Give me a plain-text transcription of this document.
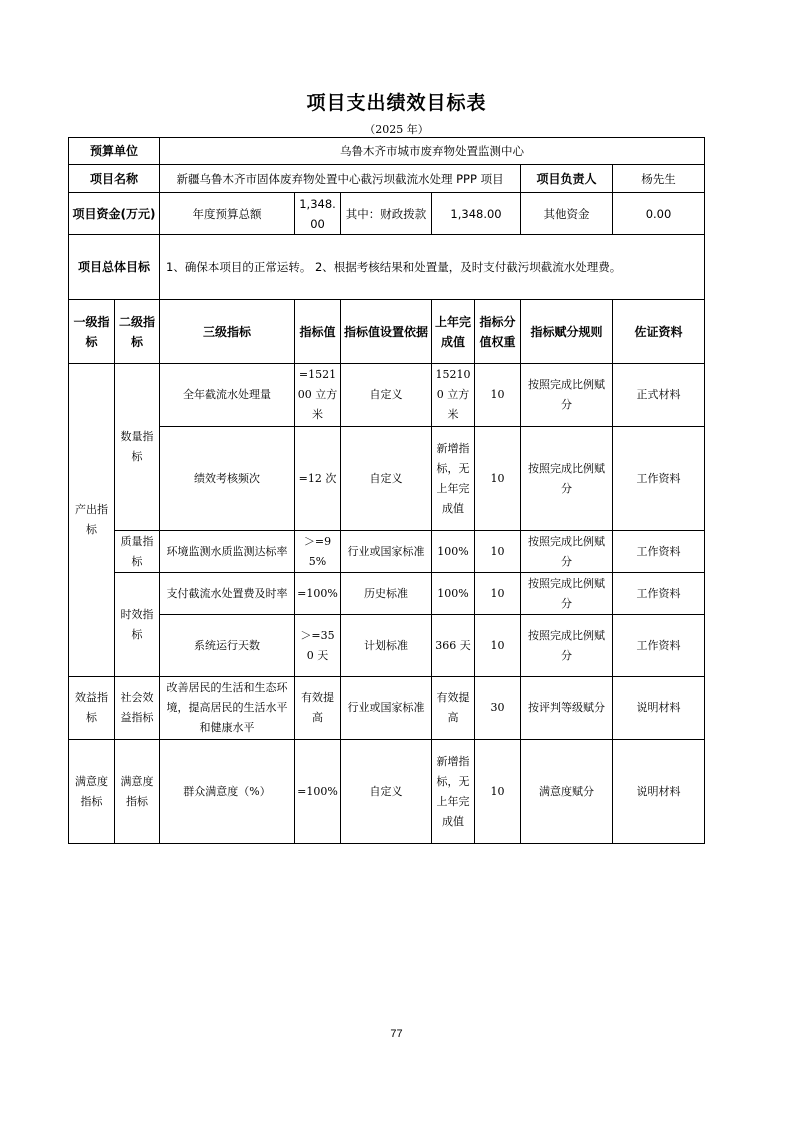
项目支出绩效目标表
（2025 年）
预算单位		乌鲁木齐市城市废弃物处置监测中心						
项目名称		新疆乌鲁木齐市固体废弃物处置中心截污坝截流水处理 PPP 项目					项目负责人	杨先生
项目资金(万元)		年度预算总额	1,348.00	其中：财政拨款	1,348.00		其他资金	0.00
项目总体目标		1、确保本项目的正常运转。 2、根据考核结果和处置量，及时支付截污坝截流水处理费。						
一级指标	二级指标	三级指标	指标值	指标值设置依据	上年完成值	指标分值权重	指标赋分规则	佐证资料
产出指标	数量指标	全年截流水处理量	=152100 立方米	自定义	152100 立方米	10	按照完成比例赋分	正式材料
		绩效考核频次	=12 次	自定义	新增指标，无上年完成值	10	按照完成比例赋分	工作资料
	质量指标	环境监测水质监测达标率	＞=95%	行业或国家标准	100%	10	按照完成比例赋分	工作资料
	时效指标	支付截流水处置费及时率	=100%	历史标准	100%	10	按照完成比例赋分	工作资料
		系统运行天数	＞=350 天	计划标准	366 天	10	按照完成比例赋分	工作资料
效益指标	社会效益指标	改善居民的生活和生态环境，提高居民的生活水平和健康水平	有效提高	行业或国家标准	有效提高	30	按评判等级赋分	说明材料
满意度指标	满意度指标	群众满意度（%）	=100%	自定义	新增指标，无上年完成值	10	满意度赋分	说明材料
77
